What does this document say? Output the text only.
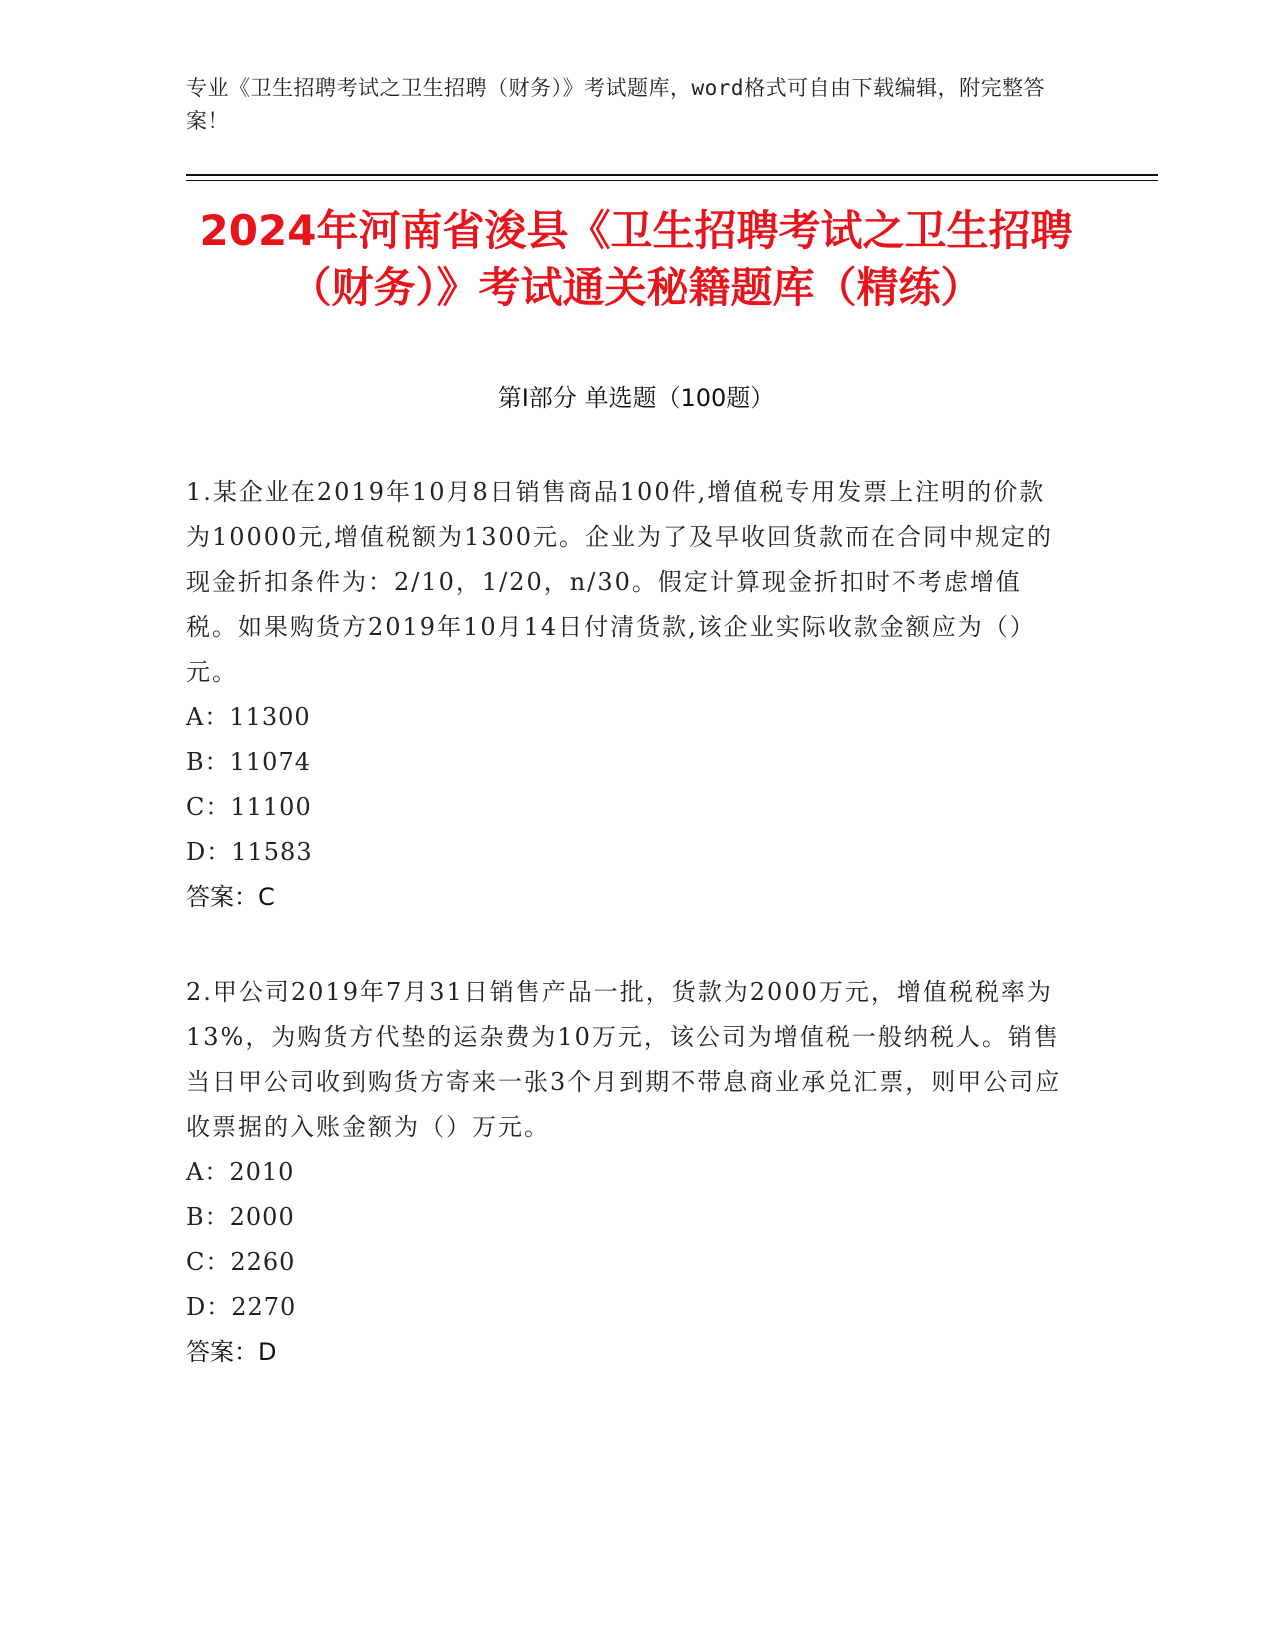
专业《卫生招聘考试之卫生招聘（财务）》考试题库，word格式可自由下载编辑，附完整答案！
2024年河南省浚县《卫生招聘考试之卫生招聘（财务）》考试通关秘籍题库（精练）
第I部分 单选题（100题）

1.某企业在2019年10月8日销售商品100件,增值税专用发票上注明的价款为10000元,增值税额为1300元。企业为了及早收回货款而在合同中规定的现金折扣条件为：2/10，1/20，n/30。假定计算现金折扣时不考虑增值税。如果购货方2019年10月14日付清货款,该企业实际收款金额应为（）元。

A：11300
B：11074
C：11100
D：11583
答案：C

2.甲公司2019年7月31日销售产品一批，货款为2000万元，增值税税率为13%，为购货方代垫的运杂费为10万元，该公司为增值税一般纳税人。销售当日甲公司收到购货方寄来一张3个月到期不带息商业承兑汇票，则甲公司应收票据的入账金额为（）万元。

A：2010
B：2000
C：2260
D：2270
答案：D
